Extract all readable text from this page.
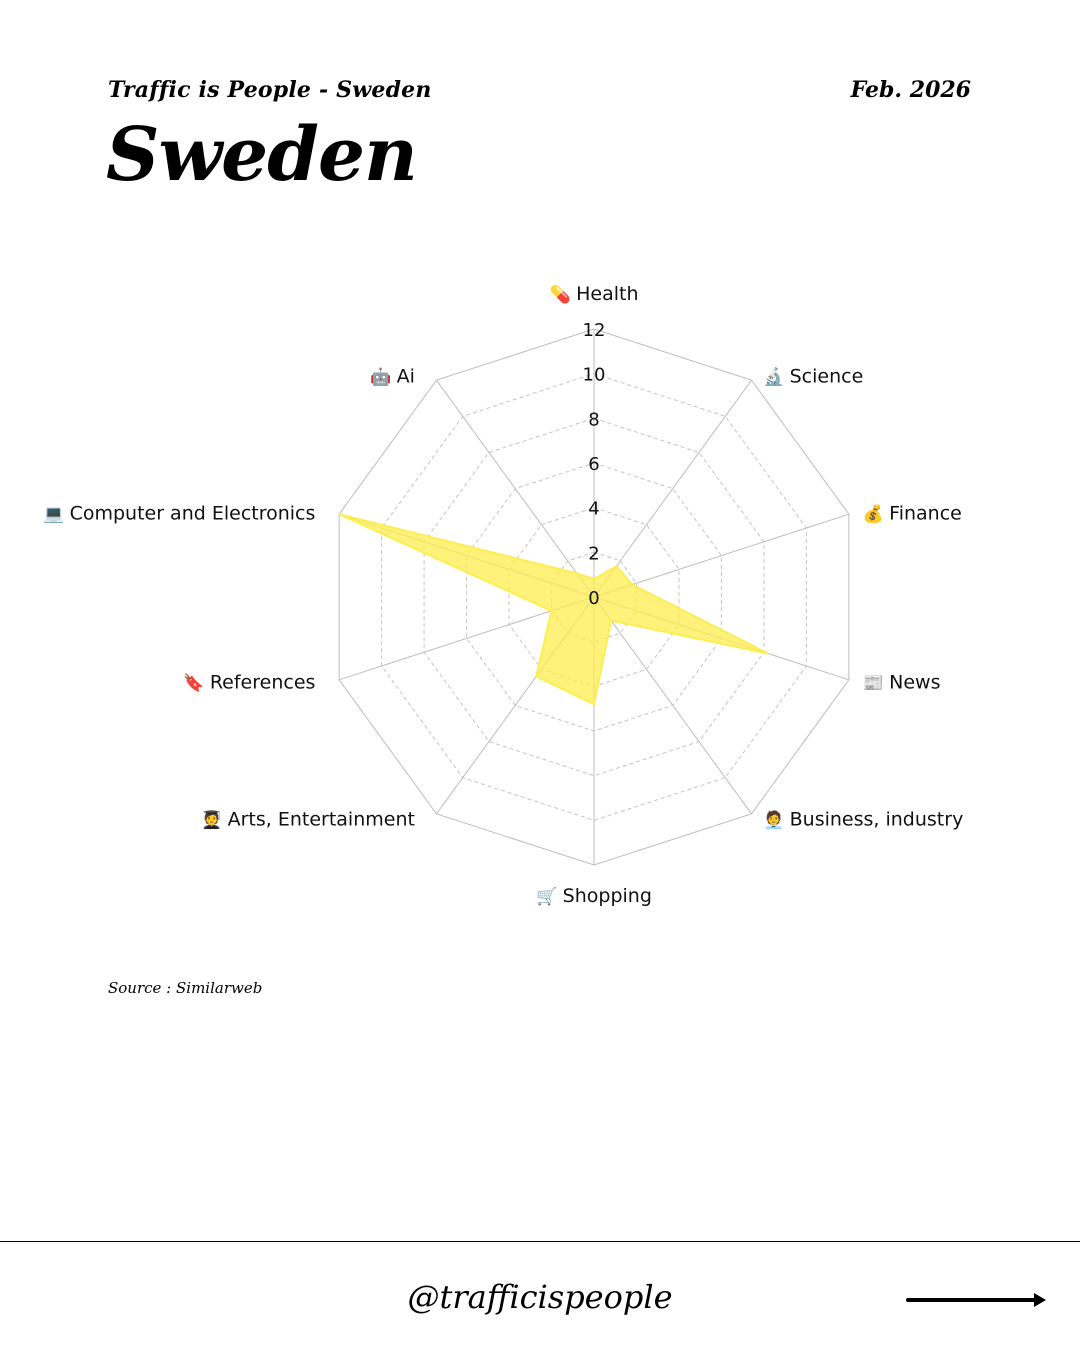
Traffic is People - Sweden	Feb. 2026
Sweden
0
2
4
6
8
10
12
💊 Health
🔬 Science
💰 Finance
📰 News
🧑‍💼 Business, industry
🛒 Shopping
🧑‍🎓 Arts, Entertainment
🔖 References
💻 Computer and Electronics
🤖 Ai
Source : Similarweb
@trafficispeople
